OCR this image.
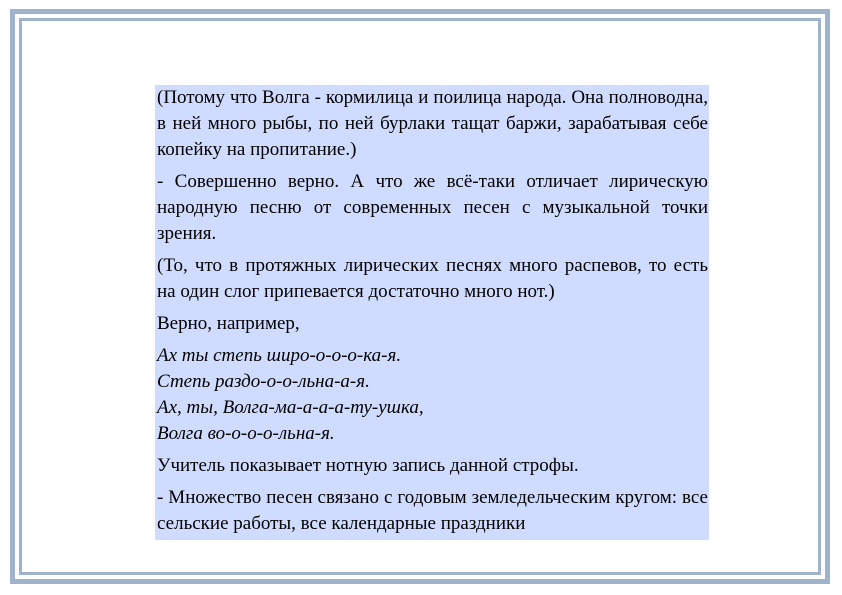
(Потому что Волга - кормилица и поилица народа. Она полноводна, в ней много рыбы, по ней бурлаки тащат баржи, зарабатывая себе копейку на пропитание.)

- Совершенно верно. А что же всё-таки отличает лирическую народную песню от современных песен с музыкальной точки зрения.

(То, что в протяжных лирических песнях много распевов, то есть на один слог припевается достаточно много нот.)

Верно, например,

Ах ты степь широ-о-о-о-ка-я.
Степь раздо-о-о-льна-а-я.
Ах, ты, Волга-ма-а-а-а-ту-ушка,
Волга во-о-о-о-льна-я.

Учитель показывает нотную запись данной строфы.

- Множество песен связано с годовым земледельческим кругом: все сельские работы, все календарные праздники
